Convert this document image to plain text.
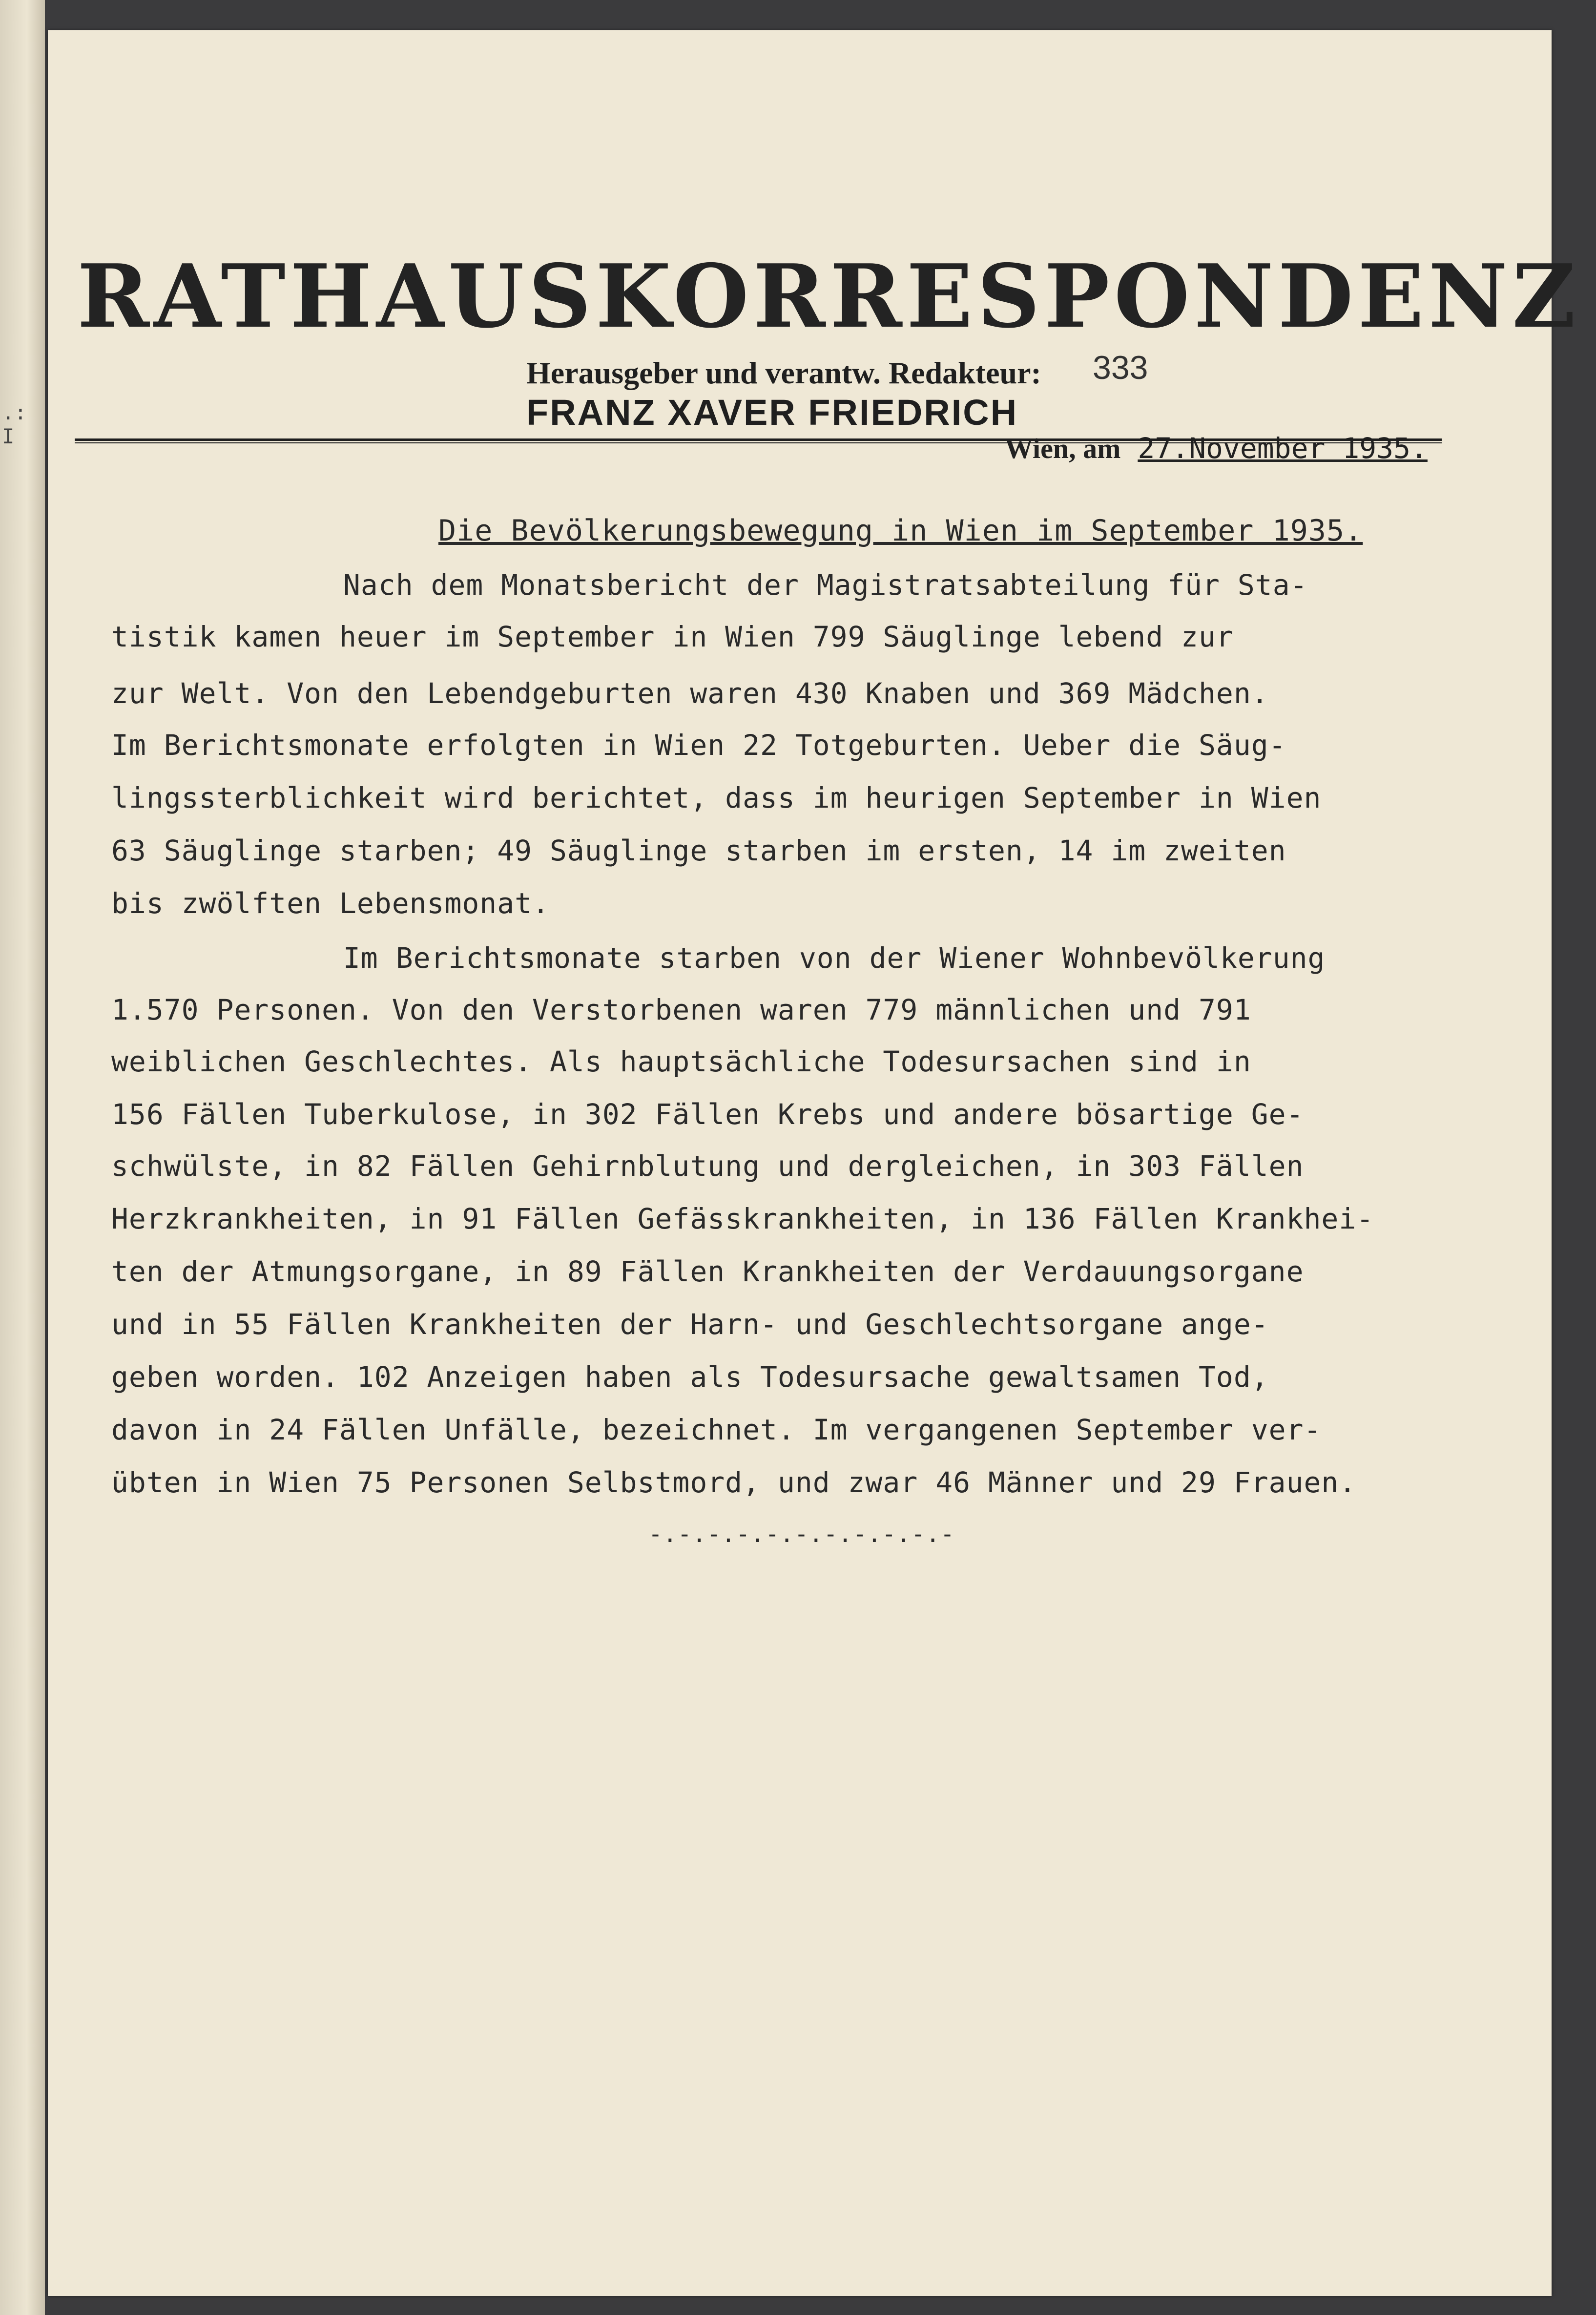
.: I
RATHAUSKORRESPONDENZ
Herausgeber und verantw. Redakteur: 333
FRANZ XAVER FRIEDRICH
Wien, am 27.November 1935.
Die Bevölkerungsbewegung in Wien im September 1935.
Nach dem Monatsbericht der Magistratsabteilung für Sta-
tistik kamen heuer im September in Wien 799 Säuglinge lebend zur
zur Welt. Von den Lebendgeburten waren 430 Knaben und 369 Mädchen.
Im Berichtsmonate erfolgten in Wien 22 Totgeburten. Ueber die Säug-
lingssterblichkeit wird berichtet, dass im heurigen September in Wien
63 Säuglinge starben; 49 Säuglinge starben im ersten, 14 im zweiten
bis zwölften Lebensmonat.
Im Berichtsmonate starben von der Wiener Wohnbevölkerung
1.570 Personen. Von den Verstorbenen waren 779 männlichen und 791
weiblichen Geschlechtes. Als hauptsächliche Todesursachen sind in
156 Fällen Tuberkulose, in 302 Fällen Krebs und andere bösartige Ge-
schwülste, in 82 Fällen Gehirnblutung und dergleichen, in 303 Fällen
Herzkrankheiten, in 91 Fällen Gefässkrankheiten, in 136 Fällen Krankhei-
ten der Atmungsorgane, in 89 Fällen Krankheiten der Verdauungsorgane
und in 55 Fällen Krankheiten der Harn- und Geschlechtsorgane ange-
geben worden. 102 Anzeigen haben als Todesursache gewaltsamen Tod,
davon in 24 Fällen Unfälle, bezeichnet. Im vergangenen September ver-
übten in Wien 75 Personen Selbstmord, und zwar 46 Männer und 29 Frauen.
-.-.-.-.-.-.-.-.-.-.-
